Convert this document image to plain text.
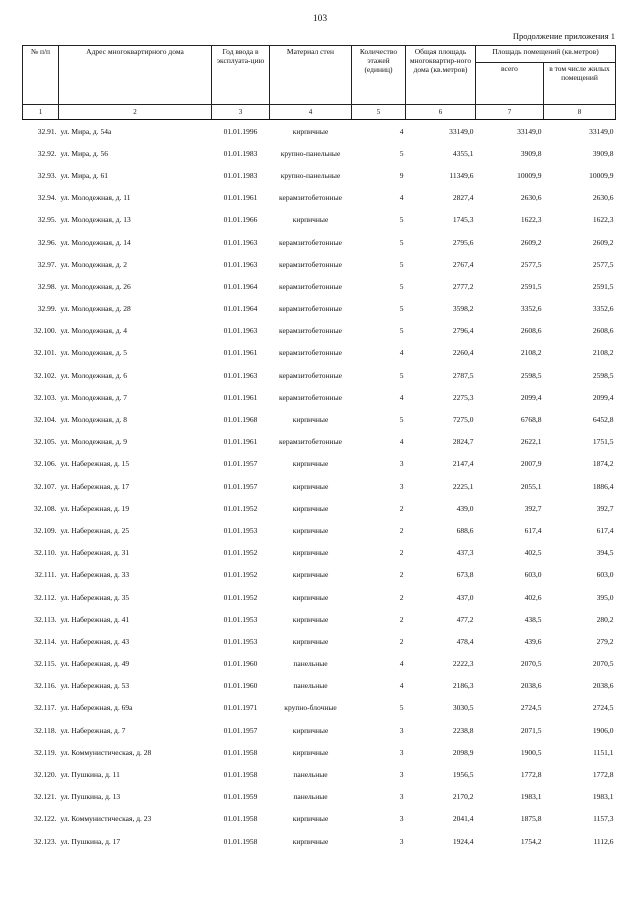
103
Продолжение приложения 1
№ п/п	Адрес многоквартирного дома	Год ввода в эксплуата-цию	Материал стен	Количество этажей (единиц)	Общая площадь многоквартир-ного дома (кв.метров)	Площадь помещений (кв.метров)	
						всего	в том числе жилых помещений
1	2	3	4	5	6	7	8
32.91.	ул. Мира, д. 54а	01.01.1996	кирпичные	4	33149,0	33149,0	33149,0
32.92.	ул. Мира, д. 56	01.01.1983	крупно-панельные	5	4355,1	3909,8	3909,8
32.93.	ул. Мира, д. 61	01.01.1983	крупно-панельные	9	11349,6	10009,9	10009,9
32.94.	ул. Молодежная, д. 11	01.01.1961	керамзитобетонные	4	2827,4	2630,6	2630,6
32.95.	ул. Молодежная, д. 13	01.01.1966	кирпичные	5	1745,3	1622,3	1622,3
32.96.	ул. Молодежная, д. 14	01.01.1963	керамзитобетонные	5	2795,6	2609,2	2609,2
32.97.	ул. Молодежная, д. 2	01.01.1963	керамзитобетонные	5	2767,4	2577,5	2577,5
32.98.	ул. Молодежная, д. 26	01.01.1964	керамзитобетонные	5	2777,2	2591,5	2591,5
32.99.	ул. Молодежная, д. 28	01.01.1964	керамзитобетонные	5	3598,2	3352,6	3352,6
32.100.	ул. Молодежная, д. 4	01.01.1963	керамзитобетонные	5	2796,4	2608,6	2608,6
32.101.	ул. Молодежная, д. 5	01.01.1961	керамзитобетонные	4	2260,4	2108,2	2108,2
32.102.	ул. Молодежная, д. 6	01.01.1963	керамзитобетонные	5	2787,5	2598,5	2598,5
32.103.	ул. Молодежная, д. 7	01.01.1961	керамзитобетонные	4	2275,3	2099,4	2099,4
32.104.	ул. Молодежная, д. 8	01.01.1968	кирпичные	5	7275,0	6768,8	6452,8
32.105.	ул. Молодежная, д. 9	01.01.1961	керамзитобетонные	4	2824,7	2622,1	1751,5
32.106.	ул. Набережная, д. 15	01.01.1957	кирпичные	3	2147,4	2007,9	1874,2
32.107.	ул. Набережная, д. 17	01.01.1957	кирпичные	3	2225,1	2055,1	1886,4
32.108.	ул. Набережная, д. 19	01.01.1952	кирпичные	2	439,0	392,7	392,7
32.109.	ул. Набережная, д. 25	01.01.1953	кирпичные	2	688,6	617,4	617,4
32.110.	ул. Набережная, д. 31	01.01.1952	кирпичные	2	437,3	402,5	394,5
32.111.	ул. Набережная, д. 33	01.01.1952	кирпичные	2	673,8	603,0	603,0
32.112.	ул. Набережная, д. 35	01.01.1952	кирпичные	2	437,0	402,6	395,0
32.113.	ул. Набережная, д. 41	01.01.1953	кирпичные	2	477,2	438,5	280,2
32.114.	ул. Набережная, д. 43	01.01.1953	кирпичные	2	478,4	439,6	279,2
32.115.	ул. Набережная, д. 49	01.01.1960	панельные	4	2222,3	2070,5	2070,5
32.116.	ул. Набережная, д. 53	01.01.1960	панельные	4	2186,3	2038,6	2038,6
32.117.	ул. Набережная, д. 69а	01.01.1971	крупно-блочные	5	3030,5	2724,5	2724,5
32.118.	ул. Набережная, д. 7	01.01.1957	кирпичные	3	2238,8	2071,5	1906,0
32.119.	ул. Коммунистическая, д. 28	01.01.1958	кирпичные	3	2098,9	1900,5	1151,1
32.120.	ул. Пушкина, д. 11	01.01.1958	панельные	3	1956,5	1772,8	1772,8
32.121.	ул. Пушкина, д. 13	01.01.1959	панельные	3	2170,2	1983,1	1983,1
32.122.	ул. Коммунистическая, д. 23	01.01.1958	кирпичные	3	2041,4	1875,8	1157,3
32.123.	ул. Пушкина, д. 17	01.01.1958	кирпичные	3	1924,4	1754,2	1112,6
